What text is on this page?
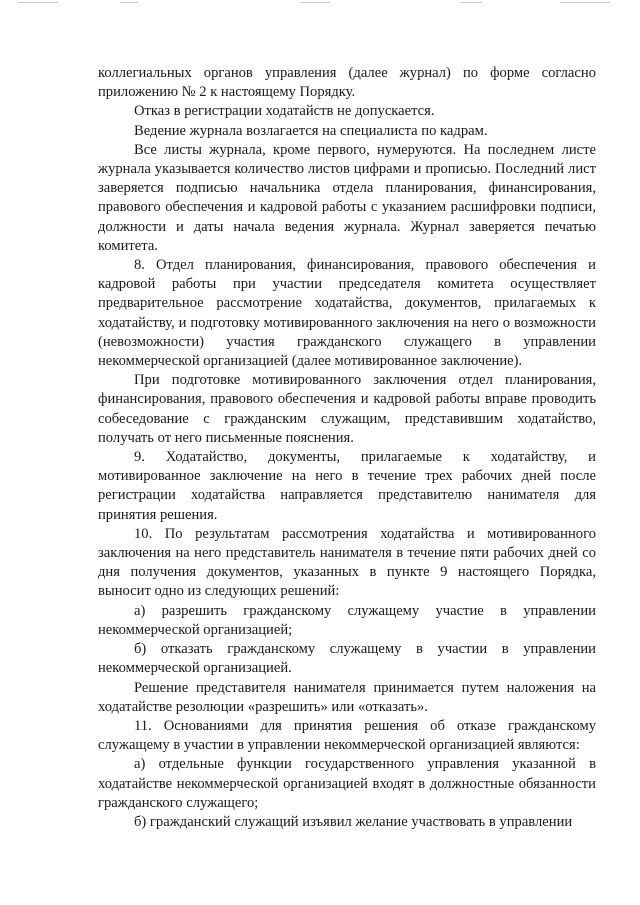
коллегиальных органов управления (далее журнал) по форме согласно приложению № 2 к настоящему Порядку.

Отказ в регистрации ходатайств не допускается.

Ведение журнала возлагается на специалиста по кадрам.

Все листы журнала, кроме первого, нумеруются. На последнем листе журнала указывается количество листов цифрами и прописью. Последний лист заверяется подписью начальника отдела планирования, финансирования, правового обеспечения и кадровой работы с указанием расшифровки подписи, должности и даты начала ведения журнала. Журнал заверяется печатью комитета.

8. Отдел планирования, финансирования, правового обеспечения и кадровой работы при участии председателя комитета осуществляет предварительное рассмотрение ходатайства, документов, прилагаемых к ходатайству, и подготовку мотивированного заключения на него о возможности (невозможности) участия гражданского служащего в управлении некоммерческой организацией (далее мотивированное заключение).

При подготовке мотивированного заключения отдел планирования, финансирования, правового обеспечения и кадровой работы вправе проводить собеседование с гражданским служащим, представившим ходатайство, получать от него письменные пояснения.

9. Ходатайство, документы, прилагаемые к ходатайству, и мотивированное заключение на него в течение трех рабочих дней после регистрации ходатайства направляется представителю нанимателя для принятия решения.

10. По результатам рассмотрения ходатайства и мотивированного заключения на него представитель нанимателя в течение пяти рабочих дней со дня получения документов, указанных в пункте 9 настоящего Порядка, выносит одно из следующих решений:

а) разрешить гражданскому служащему участие в управлении некоммерческой организацией;

б) отказать гражданскому служащему в участии в управлении некоммерческой организацией.

Решение представителя нанимателя принимается путем наложения на ходатайстве резолюции «разрешить» или «отказать».

11. Основаниями для принятия решения об отказе гражданскому служащему в участии в управлении некоммерческой организацией являются:

а) отдельные функции государственного управления указанной в ходатайстве некоммерческой организацией входят в должностные обязанности гражданского служащего;

б) гражданский служащий изъявил желание участвовать в управлении
